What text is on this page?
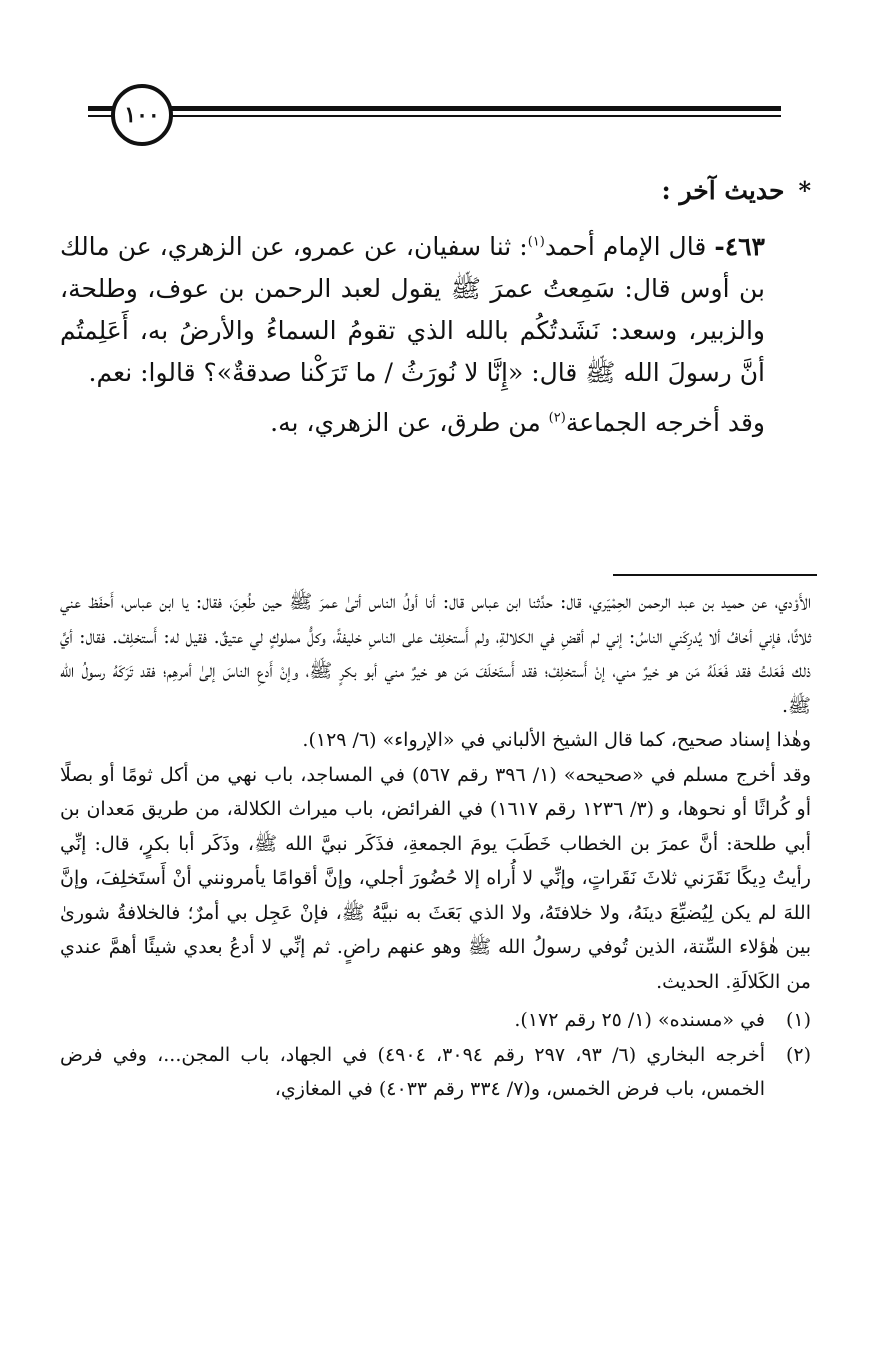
١٠٠

*حديث آخر :

٤٦٣- قال الإمام أحمد$^{(١)}$: ثنا سفيان، عن عمرو، عن الزهري، عن مالك بن أوس قال: سَمِعتُ عمرَ ﷺ يقول لعبد الرحمن بن عوف، وطلحة، والزبير، وسعد: نَشَدتُكُم بالله الذي تقومُ السماءُ والأرضُ به، أَعَلِمتُم أنَّ رسولَ الله ﷺ قال: «إِنَّا لا نُورَثُ / ما تَرَكْنا صدقةٌ»؟ قالوا: نعم.

وقد أخرجه الجماعة$^{(٢)}$ من طرق، عن الزهري، به.

الأَوْدي، عن حميد بن عبد الرحمن الحِمْيَري، قال: حدَّثنا ابن عباس قال: أنا أولُ الناس أتىٰ عمرَ ﷺ حين طُعِنَ، فقال: يا ابن عباس، أَحفَظ عني ثلاثًا، فإني أخافُ ألا يُدرِكَني الناسُ: إني لم أقضِ في الكلالةِ، ولم أَستخلِفْ على الناسِ خليفةً، وكلُّ مملوكٍ لي عتيقٌ. فقيل له: أَستخلِفْ. فقال: أيَّ ذلك فَعَلتُ فقد فَعَلَهُ مَن هو خيرٌ مني، إنْ أَستخلِفْ؛ فقد أَستَخلَفَ مَن هو خيرٌ مني أبو بكرٍ ﷺ، وإنْ أَدعِ الناسَ إلىٰ أمرهِم؛ فقد تَرَكَهُ رسولُ الله ﷺ.

وهٰذا إسناد صحيح، كما قال الشيخ الألباني في «الإرواء» (٦/ ١٢٩).

وقد أخرج مسلم في «صحيحه» (١/ ٣٩٦ رقم ٥٦٧) في المساجد، باب نهي من أكل ثومًا أو بصلًا أو كُراثًا أو نحوها، و (٣/ ١٢٣٦ رقم ١٦١٧) في الفرائض، باب ميراث الكلالة، من طريق مَعدان بن أبي طلحة: أنَّ عمرَ بن الخطاب خَطَبَ يومَ الجمعةِ، فذَكَر نبيَّ الله ﷺ، وذَكَر أبا بكرٍ، قال: إنِّي رأيتُ دِيكًا نَقَرَني ثلاثَ نَقَراتٍ، وإنِّي لا أُراه إلا حُضُورَ أجلي، وإنَّ أقوامًا يأمرونني أنْ أَستَخلِفَ، وإنَّ اللهَ لم يكن لِيُضيِّعَ دينَهُ، ولا خلافتَهُ، ولا الذي بَعَثَ به نبيَّهُ ﷺ، فإنْ عَجِل بي أمرٌ؛ فالخلافةُ شورىٰ بين هٰؤلاء السِّتة، الذين تُوفي رسولُ الله ﷺ وهو عنهم راضٍ. ثم إنِّي لا أدعُ بعدي شيئًا أهمَّ عندي من الكَلالَةِ. الحديث.

(١)
في «مسنده» (١/ ٢٥ رقم ١٧٢).

(٢)
أخرجه البخاري (٦/ ٩٣، ٢٩٧ رقم ٣٠٩٤، ٤٩٠٤) في الجهاد، باب المجن...، وفي فرض الخمس، باب فرض الخمس، و(٧/ ٣٣٤ رقم ٤٠٣٣) في المغازي،
